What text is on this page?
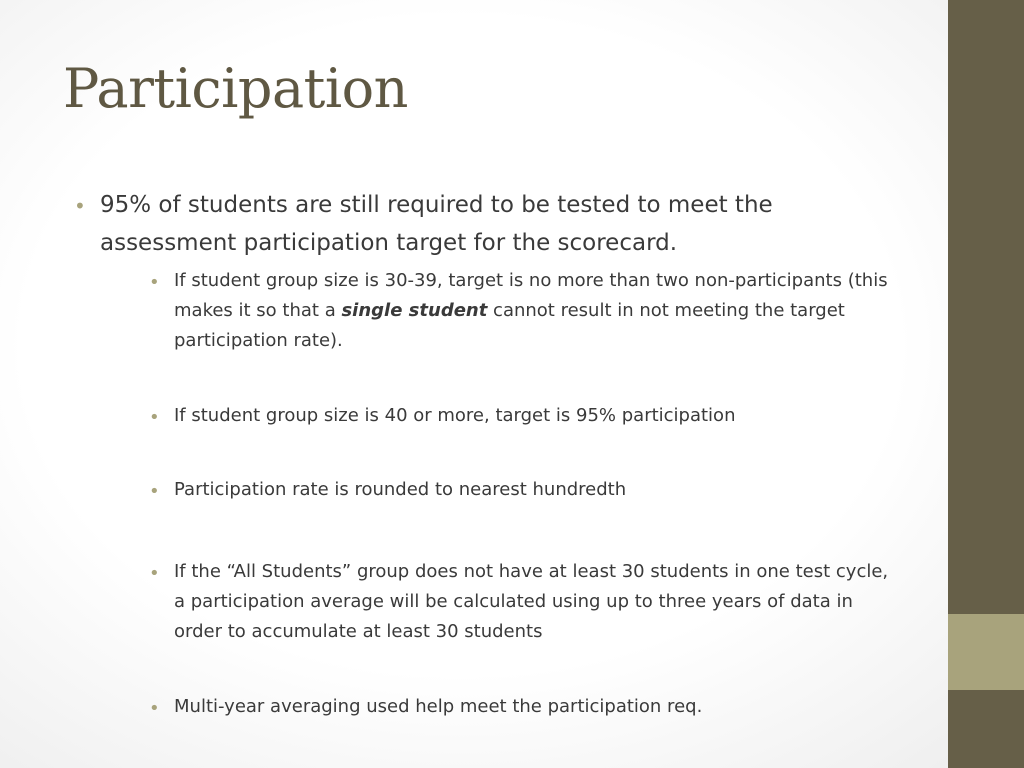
Participation
• 95% of students are still required to be tested to meet the assessment participation target for the scorecard.
• If student group size is 30-39, target is no more than two non-participants (this makes it so that a single student cannot result in not meeting the target participation rate).
• If student group size is 40 or more, target is 95% participation
• Participation rate is rounded to nearest hundredth
• If the “All Students” group does not have at least 30 students in one test cycle, a participation average will be calculated using up to three years of data in order to accumulate at least 30 students
• Multi-year averaging used help meet the participation req.
